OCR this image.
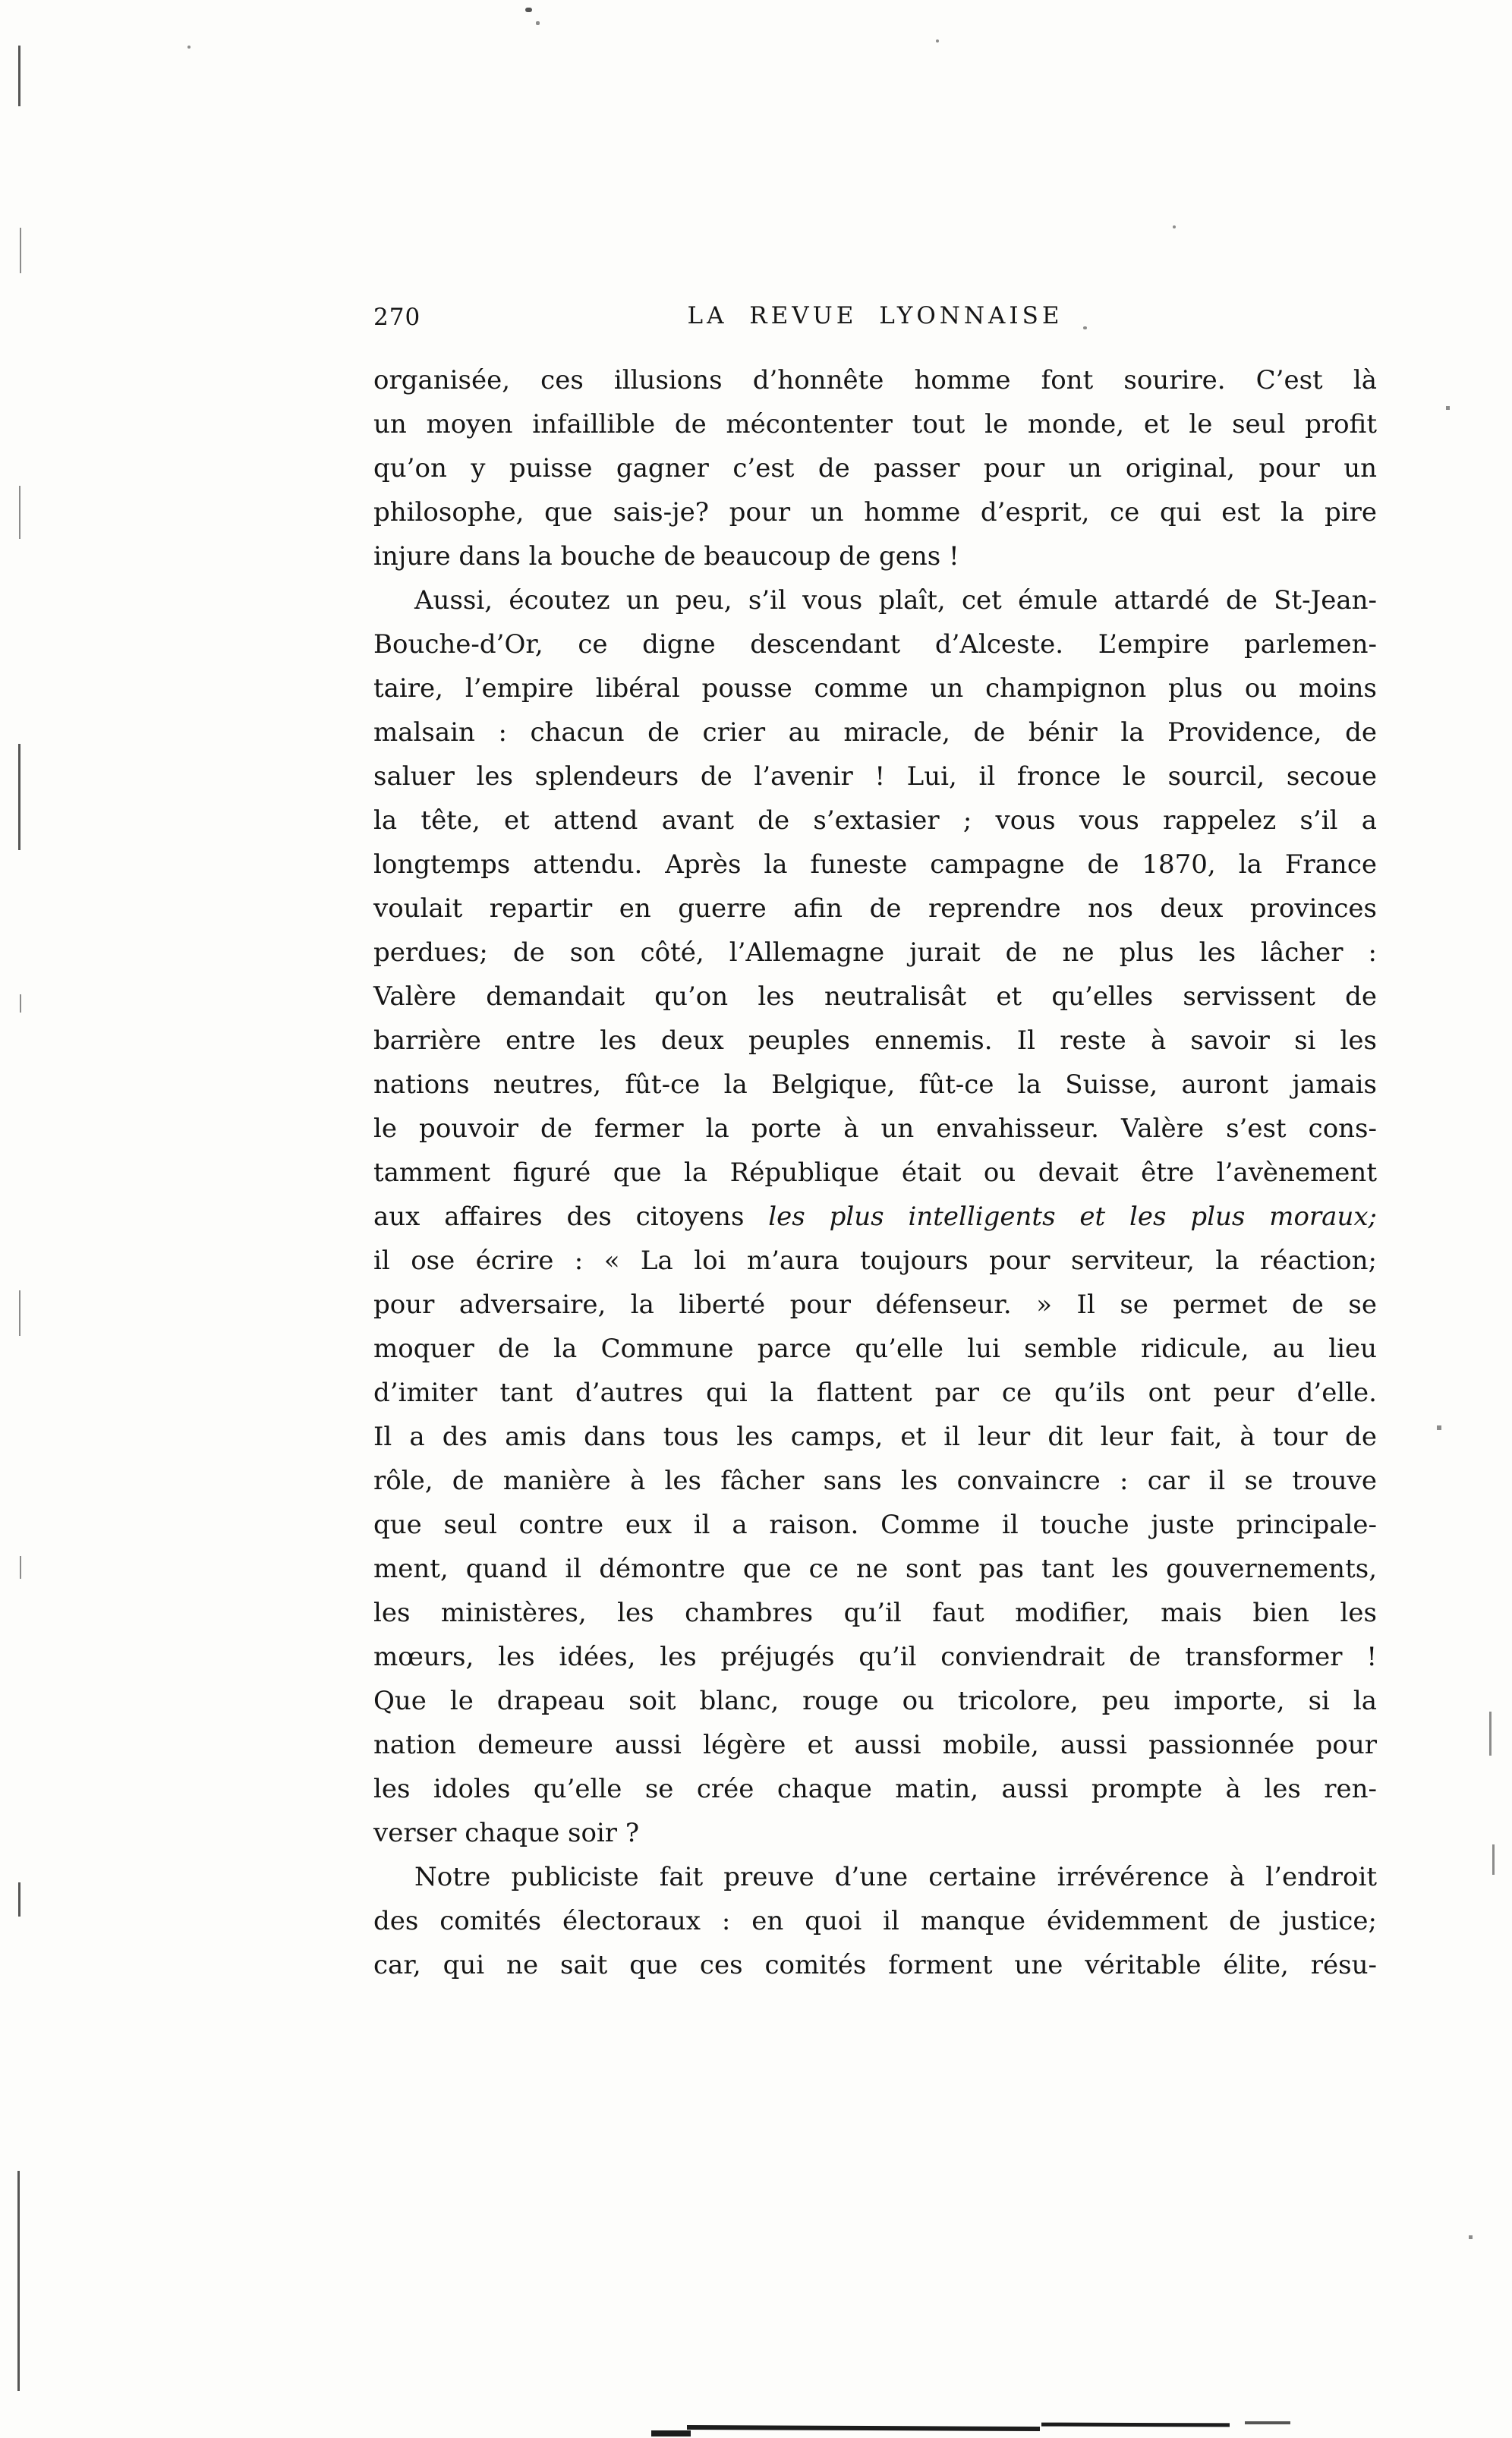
270	LA REVUE LYONNAISE

organisée, ces illusions d’honnête homme font sourire. C’est là
un moyen infaillible de mécontenter tout le monde, et le seul profit
qu’on y puisse gagner c’est de passer pour un original, pour un
philosophe, que sais-je? pour un homme d’esprit, ce qui est la pire
injure dans la bouche de beaucoup de gens !

Aussi, écoutez un peu, s’il vous plaît, cet émule attardé de St-Jean-
Bouche-d’Or, ce digne descendant d’Alceste. L’empire parlemen-
taire, l’empire libéral pousse comme un champignon plus ou moins
malsain : chacun de crier au miracle, de bénir la Providence, de
saluer les splendeurs de l’avenir ! Lui, il fronce le sourcil, secoue
la tête, et attend avant de s’extasier ; vous vous rappelez s’il a
longtemps attendu. Après la funeste campagne de 1870, la France
voulait repartir en guerre afin de reprendre nos deux provinces
perdues; de son côté, l’Allemagne jurait de ne plus les lâcher :
Valère demandait qu’on les neutralisât et qu’elles servissent de
barrière entre les deux peuples ennemis. Il reste à savoir si les
nations neutres, fût-ce la Belgique, fût-ce la Suisse, auront jamais
le pouvoir de fermer la porte à un envahisseur. Valère s’est cons-
tamment figuré que la République était ou devait être l’avènement
aux affaires des citoyens les plus intelligents et les plus moraux;
il ose écrire : « La loi m’aura toujours pour serviteur, la réaction;
pour adversaire, la liberté pour défenseur. » Il se permet de se
moquer de la Commune parce qu’elle lui semble ridicule, au lieu
d’imiter tant d’autres qui la flattent par ce qu’ils ont peur d’elle.
Il a des amis dans tous les camps, et il leur dit leur fait, à tour de
rôle, de manière à les fâcher sans les convaincre : car il se trouve
que seul contre eux il a raison. Comme il touche juste principale-
ment, quand il démontre que ce ne sont pas tant les gouvernements,
les ministères, les chambres qu’il faut modifier, mais bien les
mœurs, les idées, les préjugés qu’il conviendrait de transformer !
Que le drapeau soit blanc, rouge ou tricolore, peu importe, si la
nation demeure aussi légère et aussi mobile, aussi passionnée pour
les idoles qu’elle se crée chaque matin, aussi prompte à les ren-
verser chaque soir ?

Notre publiciste fait preuve d’une certaine irrévérence à l’endroit
des comités électoraux : en quoi il manque évidemment de justice;
car, qui ne sait que ces comités forment une véritable élite, résu-
